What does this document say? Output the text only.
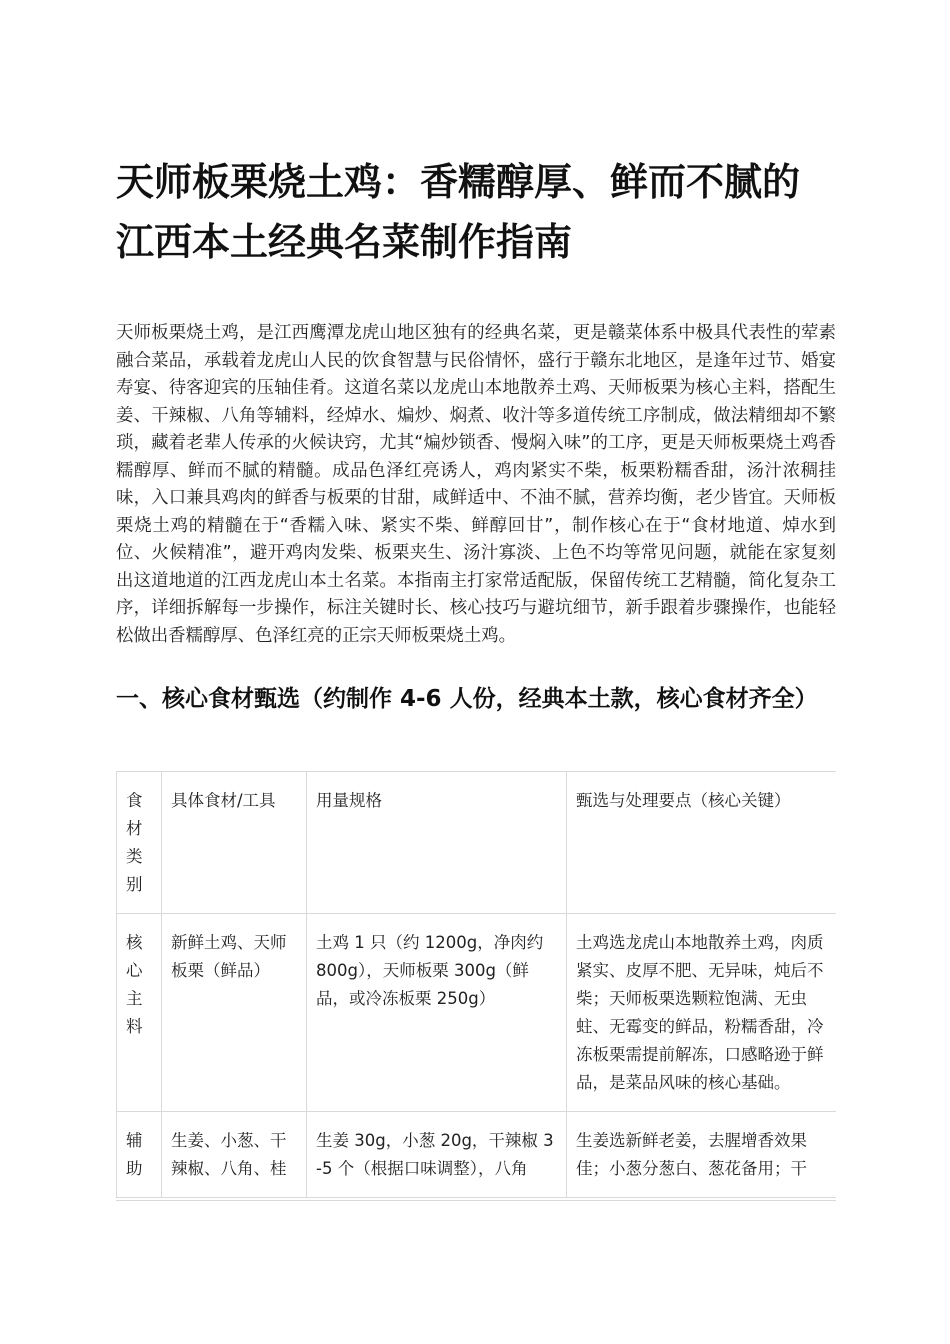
天师板栗烧土鸡：香糯醇厚、鲜而不腻的江西本土经典名菜制作指南

天师板栗烧土鸡，是江西鹰潭龙虎山地区独有的经典名菜，更是赣菜体系中极具代表性的荤素融合菜品，承载着龙虎山人民的饮食智慧与民俗情怀，盛行于赣东北地区，是逢年过节、婚宴寿宴、待客迎宾的压轴佳肴。这道名菜以龙虎山本地散养土鸡、天师板栗为核心主料，搭配生姜、干辣椒、八角等辅料，经焯水、煸炒、焖煮、收汁等多道传统工序制成，做法精细却不繁琐，藏着老辈人传承的火候诀窍，尤其“煸炒锁香、慢焖入味”的工序，更是天师板栗烧土鸡香糯醇厚、鲜而不腻的精髓。成品色泽红亮诱人，鸡肉紧实不柴，板栗粉糯香甜，汤汁浓稠挂味，入口兼具鸡肉的鲜香与板栗的甘甜，咸鲜适中、不油不腻，营养均衡，老少皆宜。天师板栗烧土鸡的精髓在于“香糯入味、紧实不柴、鲜醇回甘”，制作核心在于“食材地道、焯水到位、火候精准”，避开鸡肉发柴、板栗夹生、汤汁寡淡、上色不均等常见问题，就能在家复刻出这道地道的江西龙虎山本土名菜。本指南主打家常适配版，保留传统工艺精髓，简化复杂工序，详细拆解每一步操作，标注关键时长、核心技巧与避坑细节，新手跟着步骤操作，也能轻松做出香糯醇厚、色泽红亮的正宗天师板栗烧土鸡。

一、核心食材甄选（约制作 4-6 人份，经典本土款，核心食材齐全）
食材类别	具体食材/工具	用量规格	甄选与处理要点（核心关键）
核心主料	新鲜土鸡、天师板栗（鲜品）	土鸡 1 只（约 1200g，净肉约 800g），天师板栗 300g（鲜品，或冷冻板栗 250g）	土鸡选龙虎山本地散养土鸡，肉质紧实、皮厚不肥、无异味，炖后不柴；天师板栗选颗粒饱满、无虫蛀、无霉变的鲜品，粉糯香甜，冷冻板栗需提前解冻，口感略逊于鲜品，是菜品风味的核心基础。
辅助	生姜、小葱、干辣椒、八角、桂	生姜 30g，小葱 20g，干辣椒 3-5 个（根据口味调整），八角	生姜选新鲜老姜，去腥增香效果佳；小葱分葱白、葱花备用；干
